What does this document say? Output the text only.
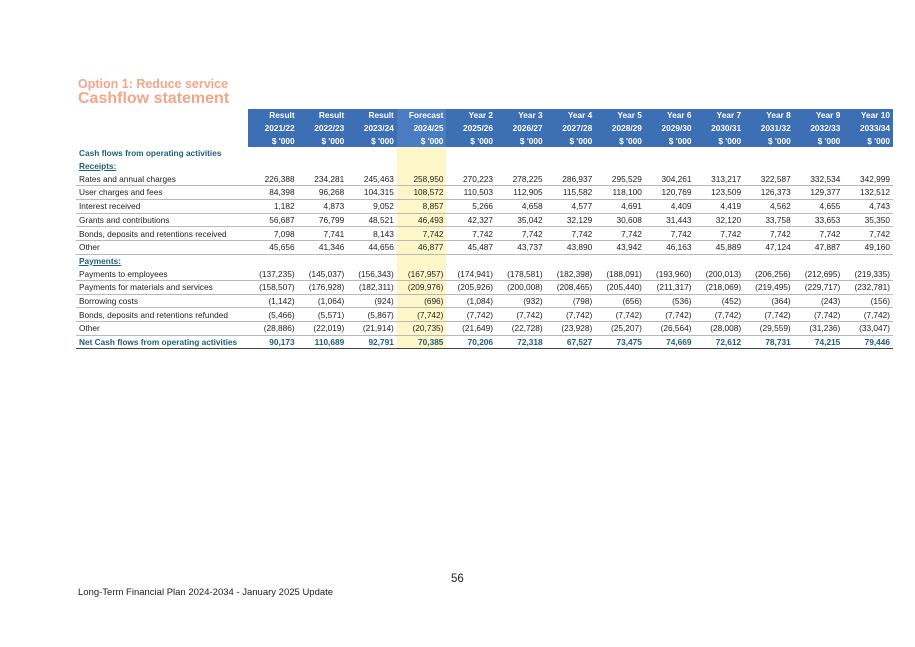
Option 1: Reduce service
Cashflow statement
	Result	Result	Result	Forecast	Year 2	Year 3	Year 4	Year 5	Year 6	Year 7	Year 8	Year 9	Year 10
	2021/22	2022/23	2023/24	2024/25	2025/26	2026/27	2027/28	2028/29	2029/30	2030/31	2031/32	2032/33	2033/34
	$ '000	$ '000	$ '000	$ '000	$ '000	$ '000	$ '000	$ '000	$ '000	$ '000	$ '000	$ '000	$ '000
Cash flows from operating activities													
Receipts:													
Rates and annual charges	226,388	234,281	245,463	258,950	270,223	278,225	286,937	295,529	304,261	313,217	322,587	332,534	342,999
User charges and fees	84,398	96,268	104,315	108,572	110,503	112,905	115,582	118,100	120,769	123,509	126,373	129,377	132,512
Interest received	1,182	4,873	9,052	8,857	5,266	4,658	4,577	4,691	4,409	4,419	4,562	4,655	4,743
Grants and contributions	56,687	76,799	48,521	46,493	42,327	35,042	32,129	30,608	31,443	32,120	33,758	33,653	35,350
Bonds, deposits and retentions received	7,098	7,741	8,143	7,742	7,742	7,742	7,742	7,742	7,742	7,742	7,742	7,742	7,742
Other	45,656	41,346	44,656	46,877	45,487	43,737	43,890	43,942	46,163	45,889	47,124	47,887	49,160
Payments:													
Payments to employees	(137,235)	(145,037)	(156,343)	(167,957)	(174,941)	(178,581)	(182,398)	(188,091)	(193,960)	(200,013)	(206,256)	(212,695)	(219,335)
Payments for materials and services	(158,507)	(176,928)	(182,311)	(209,976)	(205,926)	(200,008)	(208,465)	(205,440)	(211,317)	(218,069)	(219,495)	(229,717)	(232,781)
Borrowing costs	(1,142)	(1,064)	(924)	(696)	(1,084)	(932)	(798)	(656)	(536)	(452)	(364)	(243)	(156)
Bonds, deposits and retentions refunded	(5,466)	(5,571)	(5,867)	(7,742)	(7,742)	(7,742)	(7,742)	(7,742)	(7,742)	(7,742)	(7,742)	(7,742)	(7,742)
Other	(28,886)	(22,019)	(21,914)	(20,735)	(21,649)	(22,728)	(23,928)	(25,207)	(26,564)	(28,008)	(29,559)	(31,236)	(33,047)
Net Cash flows from operating activities	90,173	110,689	92,791	70,385	70,206	72,318	67,527	73,475	74,669	72,612	78,731	74,215	79,446
56
Long-Term Financial Plan 2024-2034 - January 2025 Update
